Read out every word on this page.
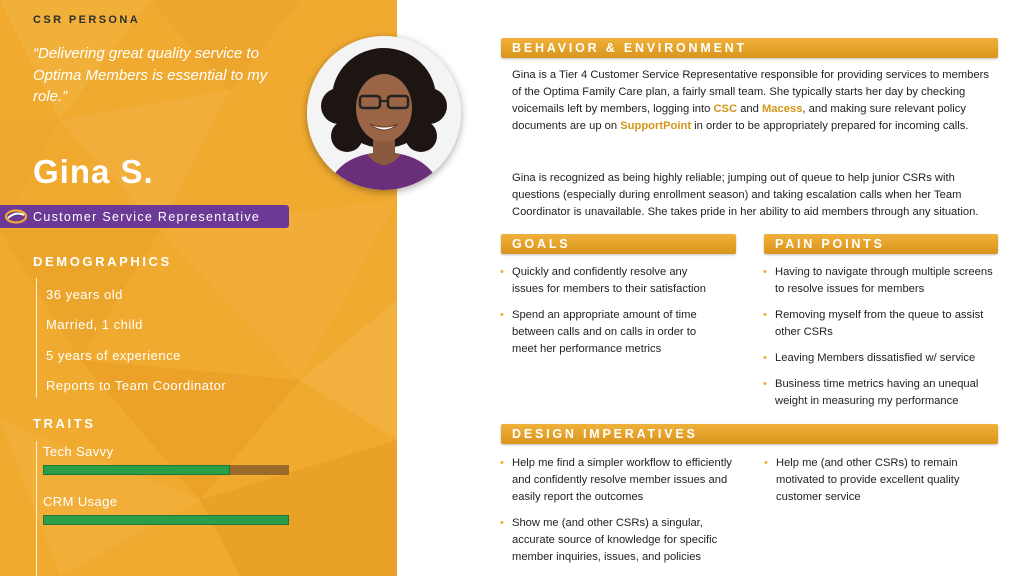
CSR PERSONA
“Delivering great quality service to Optima Members is essential to my role.”
Gina S.
Customer Service Representative
DEMOGRAPHICS
36 years old
Married, 1 child
5 years of experience
Reports to Team Coordinator
TRAITS
Tech Savvy
CRM Usage
BEHAVIOR & ENVIRONMENT

Gina is a Tier 4 Customer Service Representative responsible for providing services to members of the Optima Family Care plan, a fairly small team. She typically starts her day by checking voicemails left by members, logging into CSC and Macess, and making sure relevant policy documents are up on SupportPoint in order to be appropriately prepared for incoming calls.

Gina is recognized as being highly reliable; jumping out of queue to help junior CSRs with questions (especially during enrollment season) and taking escalation calls when her Team Coordinator is unavailable. She takes pride in her ability to aid members through any situation.

GOALS
• Quickly and confidently resolve any issues for members to their satisfaction
• Spend an appropriate amount of time between calls and on calls in order to meet her performance metrics
PAIN POINTS
• Having to navigate through multiple screens to resolve issues for members
• Removing myself from the queue to assist other CSRs
• Leaving Members dissatisfied w/ service
• Business time metrics having an unequal weight in measuring my performance
DESIGN IMPERATIVES
• Help me find a simpler workflow to efficiently and confidently resolve member issues and easily report the outcomes
• Show me (and other CSRs) a singular, accurate source of knowledge for specific member inquiries, issues, and policies
• Help me (and other CSRs) to remain motivated to provide excellent quality customer service
